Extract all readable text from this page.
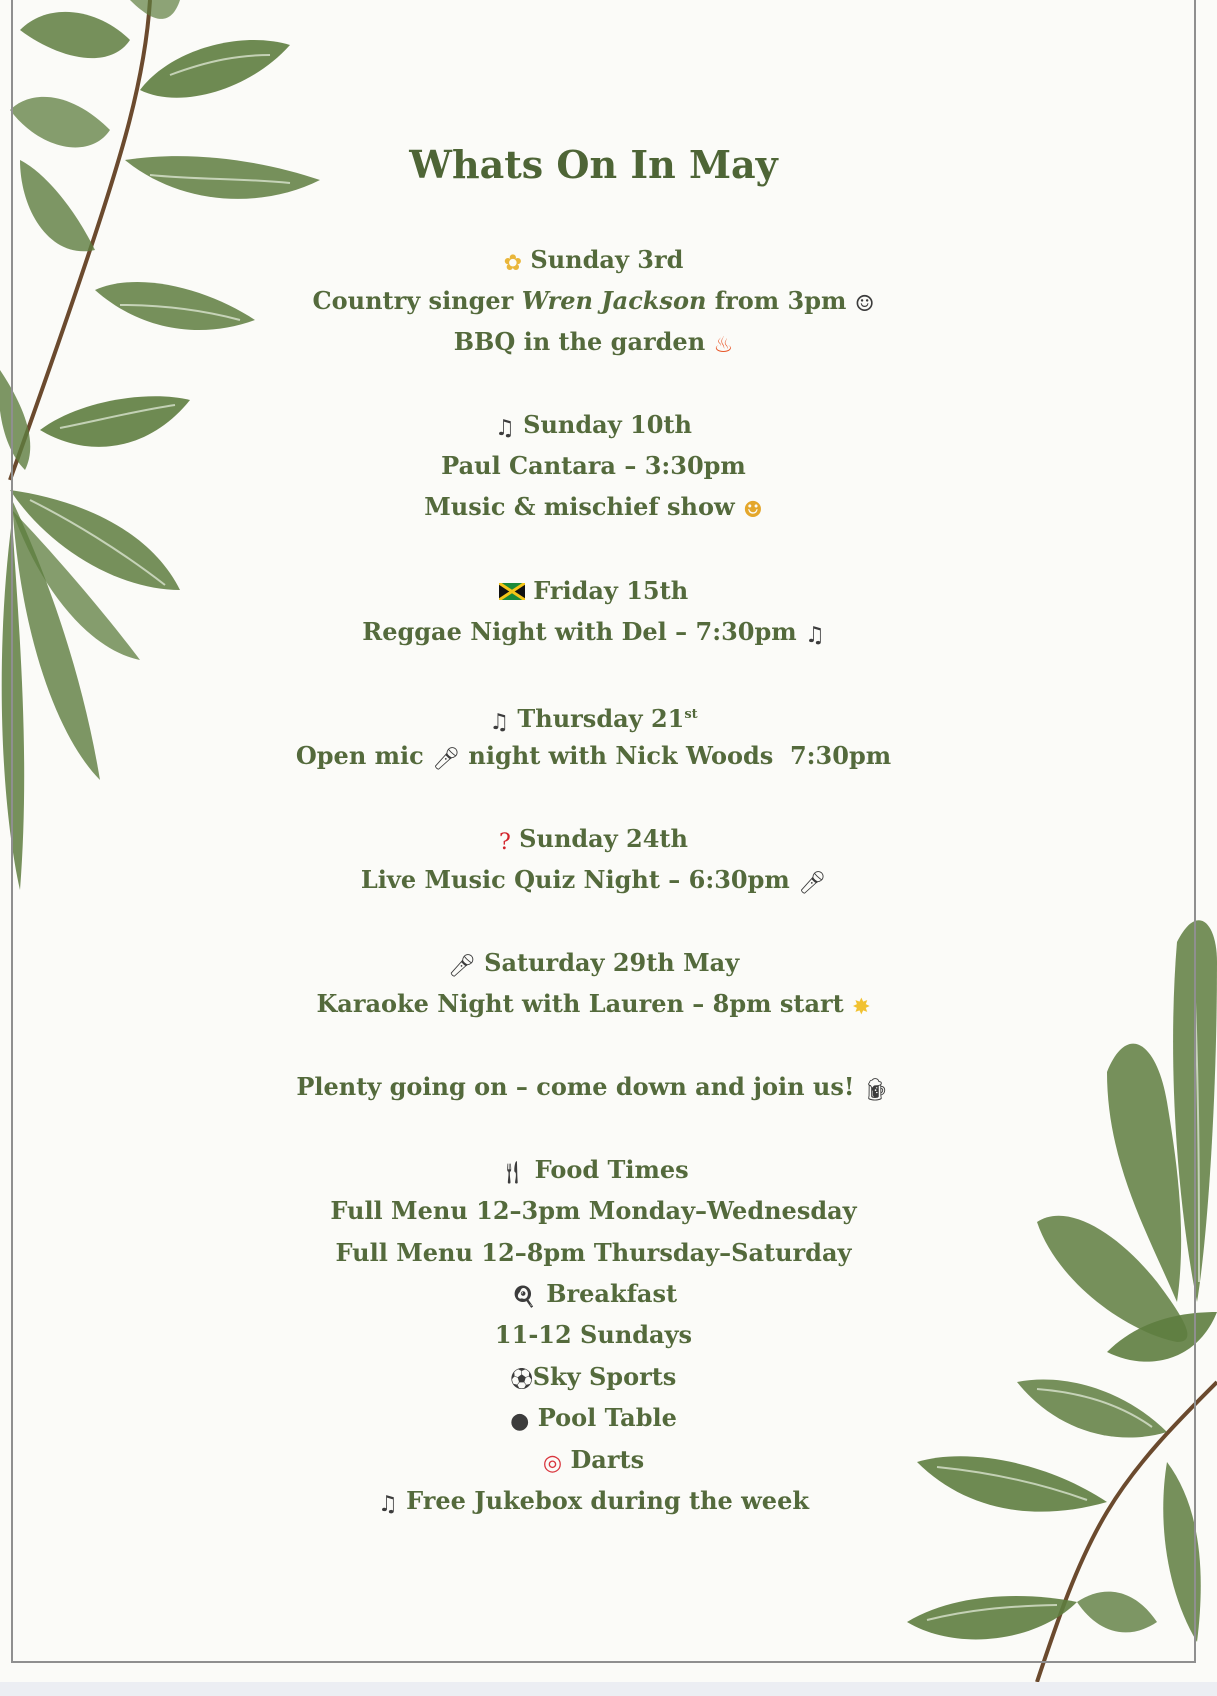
Whats On In May
✿ Sunday 3rd
Country singer Wren Jackson from 3pm ☺
BBQ in the garden ♨
♫ Sunday 10th
Paul Cantara – 3:30pm
Music & mischief show ☻
Friday 15th
Reggae Night with Del – 7:30pm ♫
♫ Thursday 21st
Open mic 🎤︎ night with Nick Woods  7:30pm
? Sunday 24th
Live Music Quiz Night – 6:30pm 🎤︎
🎤︎ Saturday 29th May
Karaoke Night with Lauren – 8pm start ✸
Plenty going on – come down and join us! 🍺︎
🍴︎ Food Times
Full Menu 12–3pm Monday–Wednesday
Full Menu 12–8pm Thursday–Saturday
🍳︎ Breakfast
11-12 Sundays
⚽︎Sky Sports
● Pool Table
◎ Darts
♫ Free Jukebox during the week
